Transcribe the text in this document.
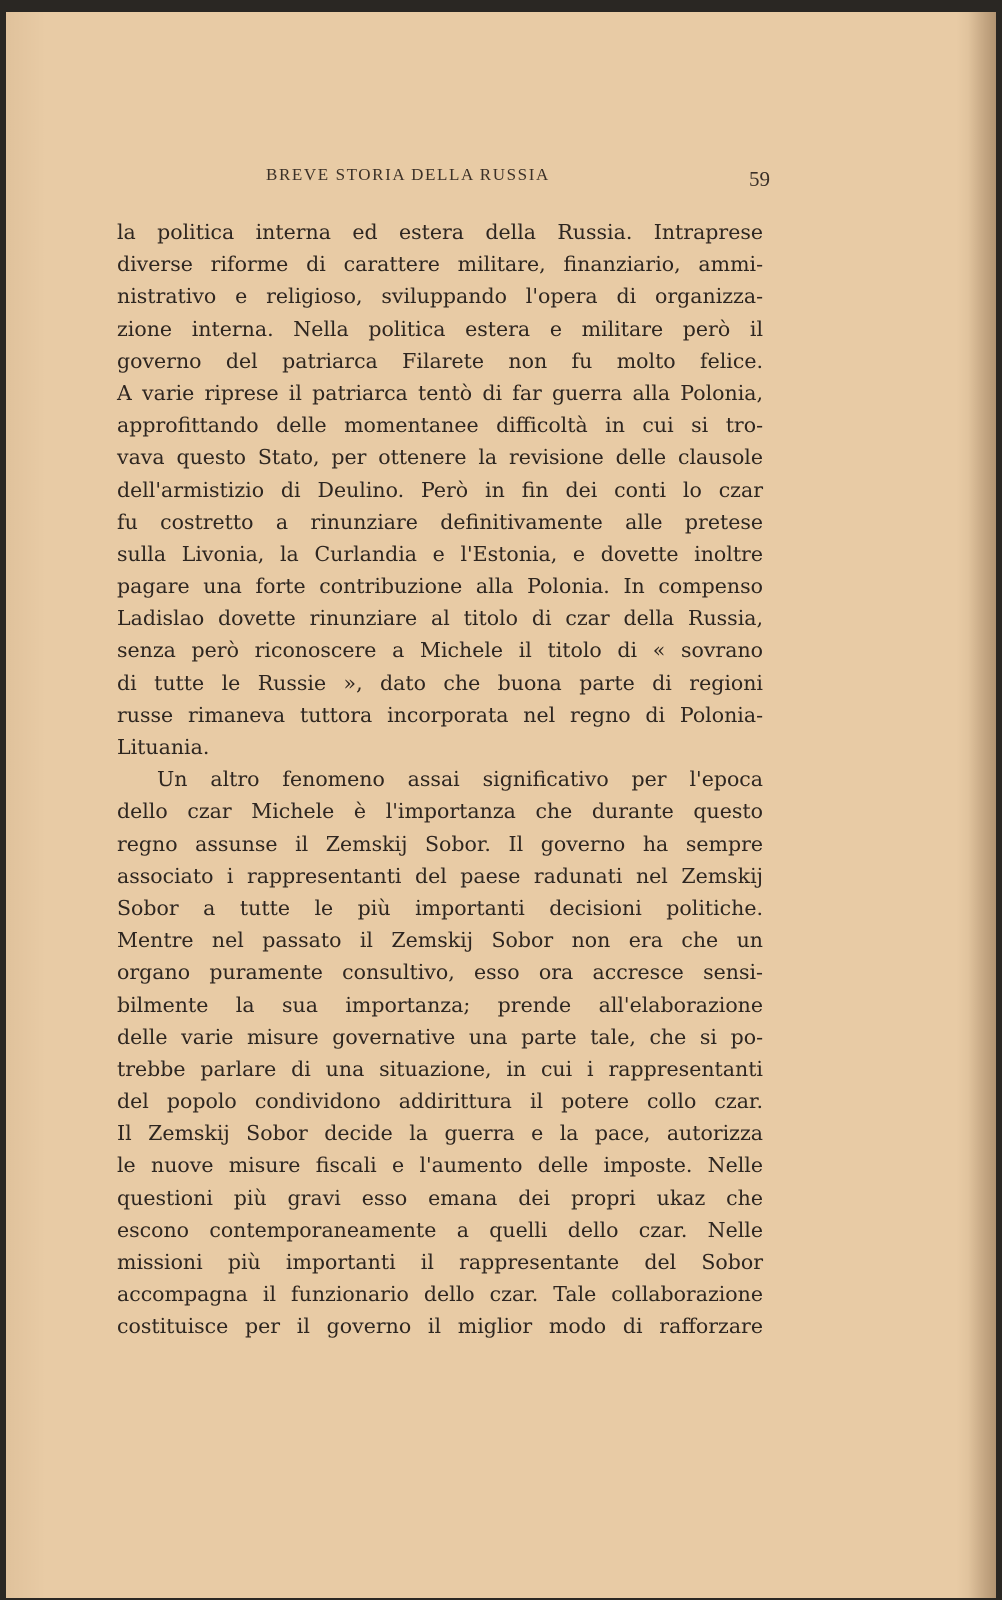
BREVE STORIA DELLA RUSSIA	59
la politica interna ed estera della Russia. Intraprese
diverse riforme di carattere militare, finanziario, ammi-
nistrativo e religioso, sviluppando l'opera di organizza-
zione interna. Nella politica estera e militare però il
governo del patriarca Filarete non fu molto felice.
A varie riprese il patriarca tentò di far guerra alla Polonia,
approfittando delle momentanee difficoltà in cui si tro-
vava questo Stato, per ottenere la revisione delle clausole
dell'armistizio di Deulino. Però in fin dei conti lo czar
fu costretto a rinunziare definitivamente alle pretese
sulla Livonia, la Curlandia e l'Estonia, e dovette inoltre
pagare una forte contribuzione alla Polonia. In compenso
Ladislao dovette rinunziare al titolo di czar della Russia,
senza però riconoscere a Michele il titolo di « sovrano
di tutte le Russie », dato che buona parte di regioni
russe rimaneva tuttora incorporata nel regno di Polonia-
Lituania.
Un altro fenomeno assai significativo per l'epoca
dello czar Michele è l'importanza che durante questo
regno assunse il Zemskij Sobor. Il governo ha sempre
associato i rappresentanti del paese radunati nel Zemskij
Sobor a tutte le più importanti decisioni politiche.
Mentre nel passato il Zemskij Sobor non era che un
organo puramente consultivo, esso ora accresce sensi-
bilmente la sua importanza; prende all'elaborazione
delle varie misure governative una parte tale, che si po-
trebbe parlare di una situazione, in cui i rappresentanti
del popolo condividono addirittura il potere collo czar.
Il Zemskij Sobor decide la guerra e la pace, autorizza
le nuove misure fiscali e l'aumento delle imposte. Nelle
questioni più gravi esso emana dei propri ukaz che
escono contemporaneamente a quelli dello czar. Nelle
missioni più importanti il rappresentante del Sobor
accompagna il funzionario dello czar. Tale collaborazione
costituisce per il governo il miglior modo di rafforzare
